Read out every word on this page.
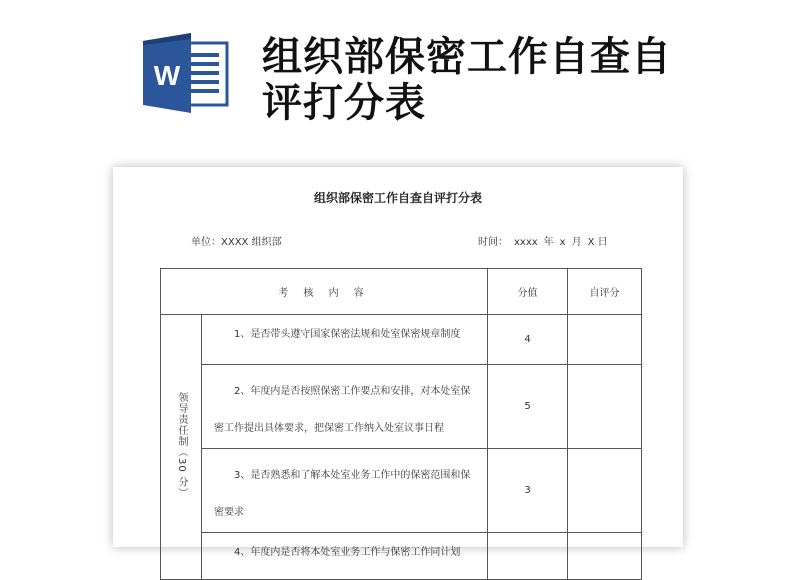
W 组织部保密工作自查自评打分表
组织部保密工作自查自评打分表
单位：XXXX 组织部	时间： xxxx 年 x 月 X 日
考 核 内 容		分值	自评分
领导责任制（30 分）	1、是否带头遵守国家保密法规和处室保密规章制度	4	
	2、年度内是否按照保密工作要点和安排，对本处室保密工作提出具体要求，把保密工作纳入处室议事日程	5	
	3、是否熟悉和了解本处室业务工作中的保密范围和保密要求	3	
	4、年度内是否将本处室业务工作与保密工作同计划		
